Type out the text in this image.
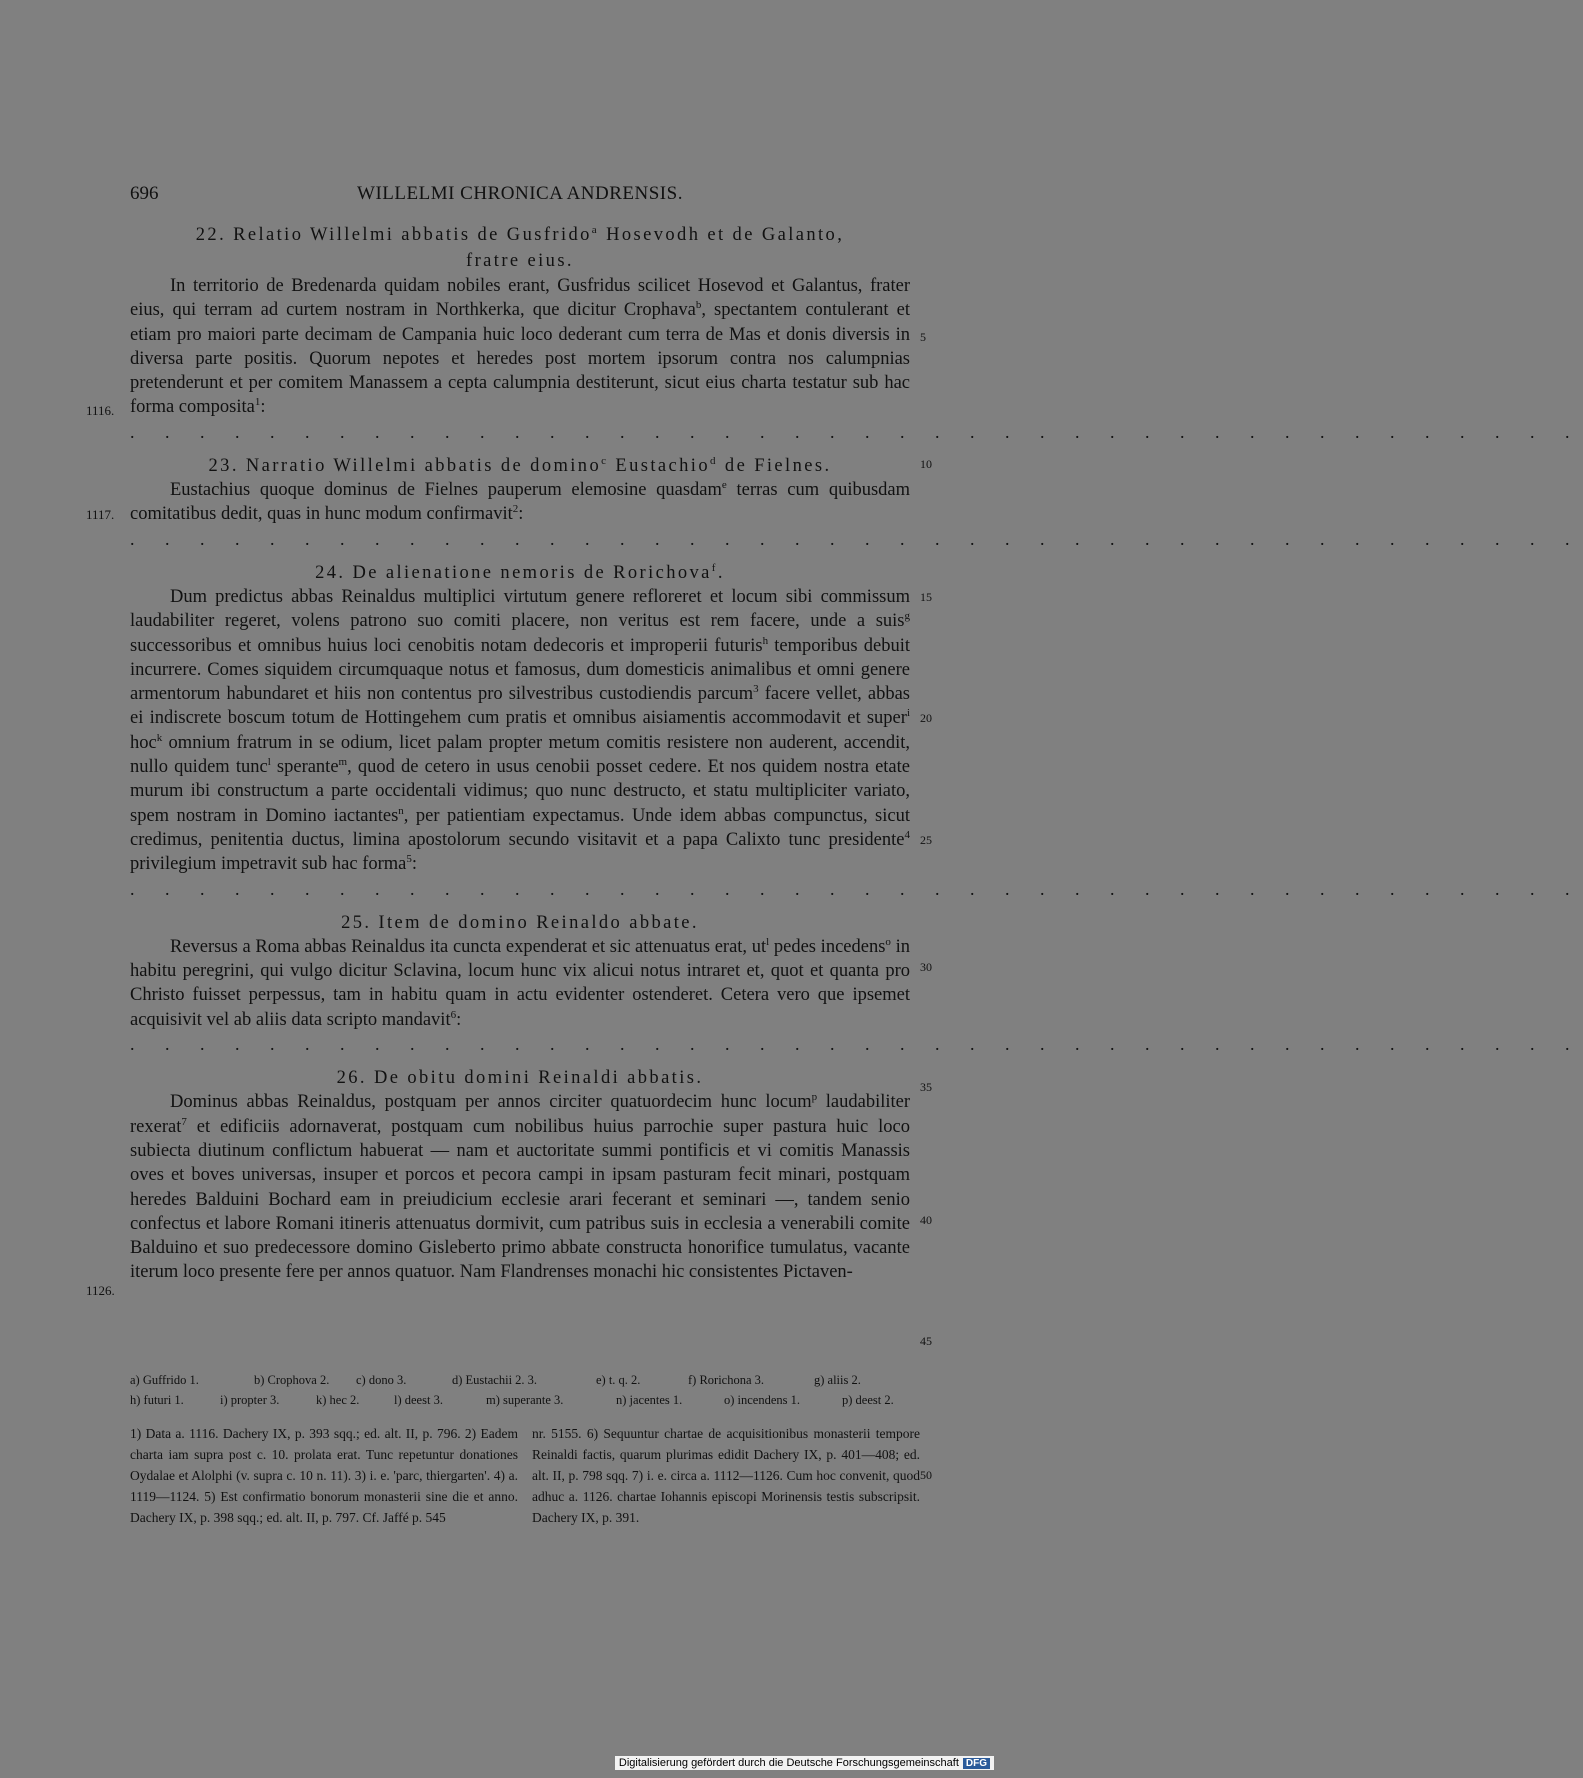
696	WILLELMI CHRONICA ANDRENSIS.

22. Relatio Willelmi abbatis de Gusfrido$^a$ Hosevodh et de Galanto,
fratre eius.

In territorio de Bredenarda quidam nobiles erant, Gusfridus scilicet Hosevod et Galantus, frater eius, qui terram ad curtem nostram in Northkerka, que dicitur Crophava$^b$, spectantem contulerant et etiam pro maiori parte decimam de Campania huic loco dederant cum terra de Mas et donis diversis in diversa parte positis. Quorum nepotes et heredes post mortem ipsorum contra nos calumpnias pretenderunt et per comitem Manassem a cepta calumpnia destiterunt, sicut eius charta testatur sub hac forma composita$^1$:

. . . . . . . . . . . . . . . . . . . . . . . . . . . . . . . . . . . . . . . . . .

23. Narratio Willelmi abbatis de domino$^c$ Eustachio$^d$ de Fielnes.

Eustachius quoque dominus de Fielnes pauperum elemosine quasdam$^e$ terras cum quibusdam comitatibus dedit, quas in hunc modum confirmavit$^2$:

. . . . . . . . . . . . . . . . . . . . . . . . . . . . . . . . . . . . . . . . . .

24. De alienatione nemoris de Rorichova$^f$.

Dum predictus abbas Reinaldus multiplici virtutum genere refloreret et locum sibi commissum laudabiliter regeret, volens patrono suo comiti placere, non veritus est rem facere, unde a suis$^g$ successoribus et omnibus huius loci cenobitis notam dedecoris et improperii futuris$^h$ temporibus debuit incurrere. Comes siquidem circumquaque notus et famosus, dum domesticis animalibus et omni genere armentorum habundaret et hiis non contentus pro silvestribus custodiendis parcum$^3$ facere vellet, abbas ei indiscrete boscum totum de Hottingehem cum pratis et omnibus aisiamentis accommodavit et super$^i$ hoc$^k$ omnium fratrum in se odium, licet palam propter metum comitis resistere non auderent, accendit, nullo quidem tunc$^l$ sperante$^m$, quod de cetero in usus cenobii posset cedere. Et nos quidem nostra etate murum ibi constructum a parte occidentali vidimus; quo nunc destructo, et statu multipliciter variato, spem nostram in Domino iactantes$^n$, per patientiam expectamus. Unde idem abbas compunctus, sicut credimus, penitentia ductus, limina apostolorum secundo visitavit et a papa Calixto tunc presidente$^4$ privilegium impetravit sub hac forma$^5$:

. . . . . . . . . . . . . . . . . . . . . . . . . . . . . . . . . . . . . . . . . .

25. Item de domino Reinaldo abbate.

Reversus a Roma abbas Reinaldus ita cuncta expenderat et sic attenuatus erat, $ut^l$ pedes incedens$^o$ in habitu peregrini, qui vulgo dicitur Sclavina, locum hunc vix alicui notus intraret et, quot et quanta pro Christo fuisset perpessus, tam in habitu quam in actu evidenter ostenderet. Cetera vero que ipsemet acquisivit vel ab aliis data scripto mandavit$^6$:

. . . . . . . . . . . . . . . . . . . . . . . . . . . . . . . . . . . . . . . . . .

26. De obitu domini Reinaldi abbatis.

Dominus abbas Reinaldus, postquam per annos circiter quatuordecim hunc locum$^p$ laudabiliter rexerat$^7$ et edificiis adornaverat, postquam cum nobilibus huius parrochie super pastura huic loco subiecta diutinum conflictum habuerat — nam et auctoritate summi pontificis et vi comitis Manassis oves et boves universas, insuper et porcos et pecora campi in ipsam pasturam fecit minari, postquam heredes Balduini Bochard eam in preiudicium ecclesie arari fecerant et seminari —, tandem senio confectus et labore Romani itineris attenuatus dormivit, cum patribus suis in ecclesia a venerabili comite Balduino et suo predecessore domino Gisleberto primo abbate constructa honorifice tumulatus, vacante iterum loco presente fere per annos quatuor. Nam Flandrenses monachi hic consistentes Pictaven-

1116.
1117.
1126.
5
10
15
20
25
30
35
40
45
50
a) Guffrido 1.	b) Crophova 2.	c) dono 3.	d) Eustachii 2. 3.	e) t. q. 2.	f) Rorichona 3.	g) aliis 2.
h) futuri 1.	i) propter 3.	k) hec 2.	l) deest 3.	m) superante 3.	n) jacentes 1.	o) incendens 1.	p) deest 2.
1) Data a. 1116. Dachery IX, p. 393 sqq.; ed. alt. II, p. 796. 2) Eadem charta iam supra post c. 10. prolata erat. Tunc repetuntur donationes Oydalae et Alolphi (v. supra c. 10 n. 11). 3) i. e. 'parc, thiergarten'. 4) a. 1119—1124. 5) Est confirmatio bonorum monasterii sine die et anno. Dachery IX, p. 398 sqq.; ed. alt. II, p. 797. Cf. Jaffé p. 545
nr. 5155. 6) Sequuntur chartae de acquisitionibus monasterii tempore Reinaldi factis, quarum plurimas edidit Dachery IX, p. 401—408; ed. alt. II, p. 798 sqq. 7) i. e. circa a. 1112—1126. Cum hoc convenit, quod adhuc a. 1126. chartae Iohannis episcopi Morinensis testis subscripsit. Dachery IX, p. 391.
Digitalisierung gefördert durch die Deutsche Forschungsgemeinschaft DFG
